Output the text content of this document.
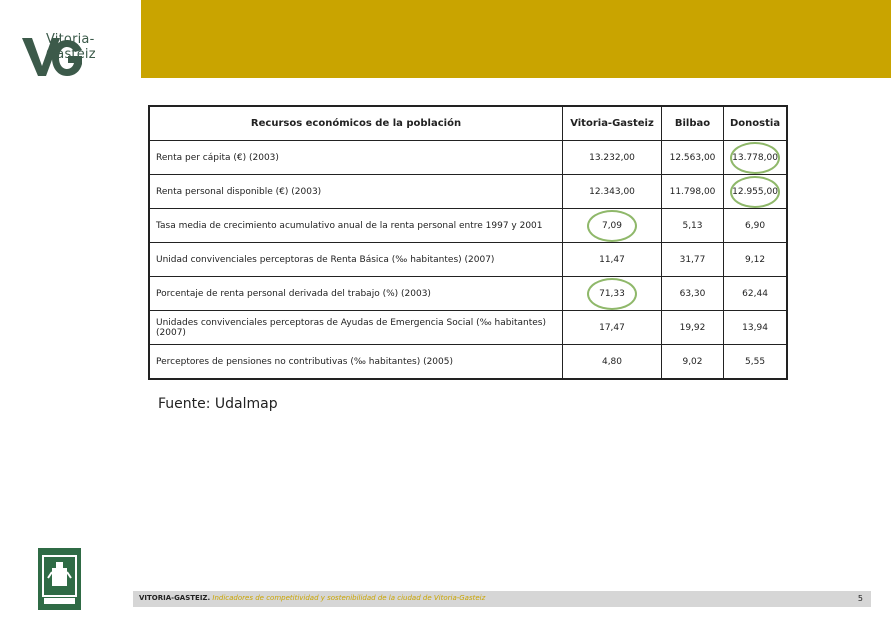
Vitoria-Gasteiz
Recursos económicos de la población	Vitoria-Gasteiz	Bilbao	Donostia
Renta per cápita (€) (2003)	13.232,00	12.563,00	13.778,00
Renta personal disponible (€) (2003)	12.343,00	11.798,00	12.955,00
Tasa media de crecimiento acumulativo anual de la renta personal entre 1997 y 2001	7,09	5,13	6,90
Unidad convivenciales perceptoras de Renta Básica (‰ habitantes) (2007)	11,47	31,77	9,12
Porcentaje de renta personal derivada del trabajo (%) (2003)	71,33	63,30	62,44
Unidades convivenciales perceptoras de Ayudas de Emergencia Social (‰ habitantes) (2007)	17,47	19,92	13,94
Perceptores de pensiones no contributivas (‰ habitantes) (2005)	4,80	9,02	5,55
Fuente: Udalmap
VITORIA-GASTEIZ. Indicadores de competitividad y sostenibilidad de la ciudad de Vitoria-Gasteiz	5
